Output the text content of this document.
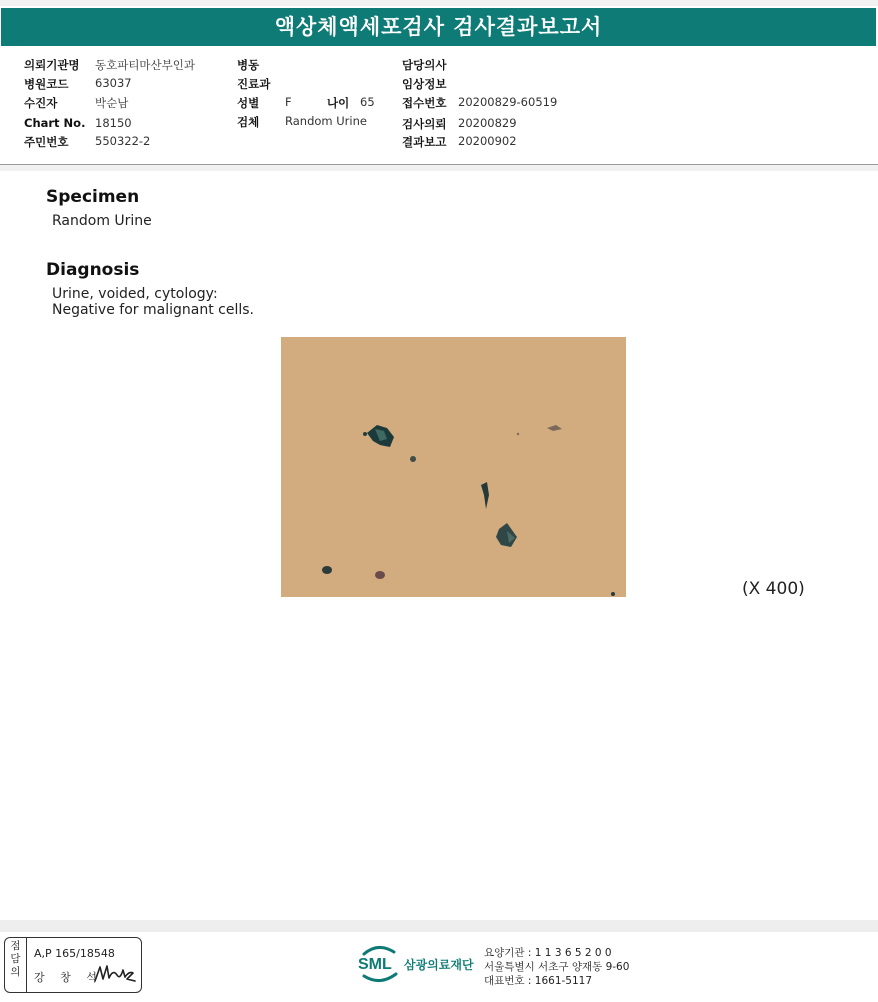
액상체액세포검사 검사결과보고서
의뢰기관명 동호파티마산부인과
병원코드 63037
수진자	박순남
Chart No. 18150
주민번호 550322-2
병동
진료과
성별 F	나이 65
검체 Random Urine
담당의사
임상정보
접수번호 20200829-60519
검사의뢰 20200829
결과보고 20200902
Specimen
Random Urine
Diagnosis
Urine, voided, cytology:
Negative for malignant cells.
(X 400)
점
담
의
A,P 165/18548
강 창 석
SML 삼광의료재단
요양기관 : 1 1 3 6 5 2 0 0
서울특별시 서초구 양재동 9-60
대표번호 : 1661-5117
